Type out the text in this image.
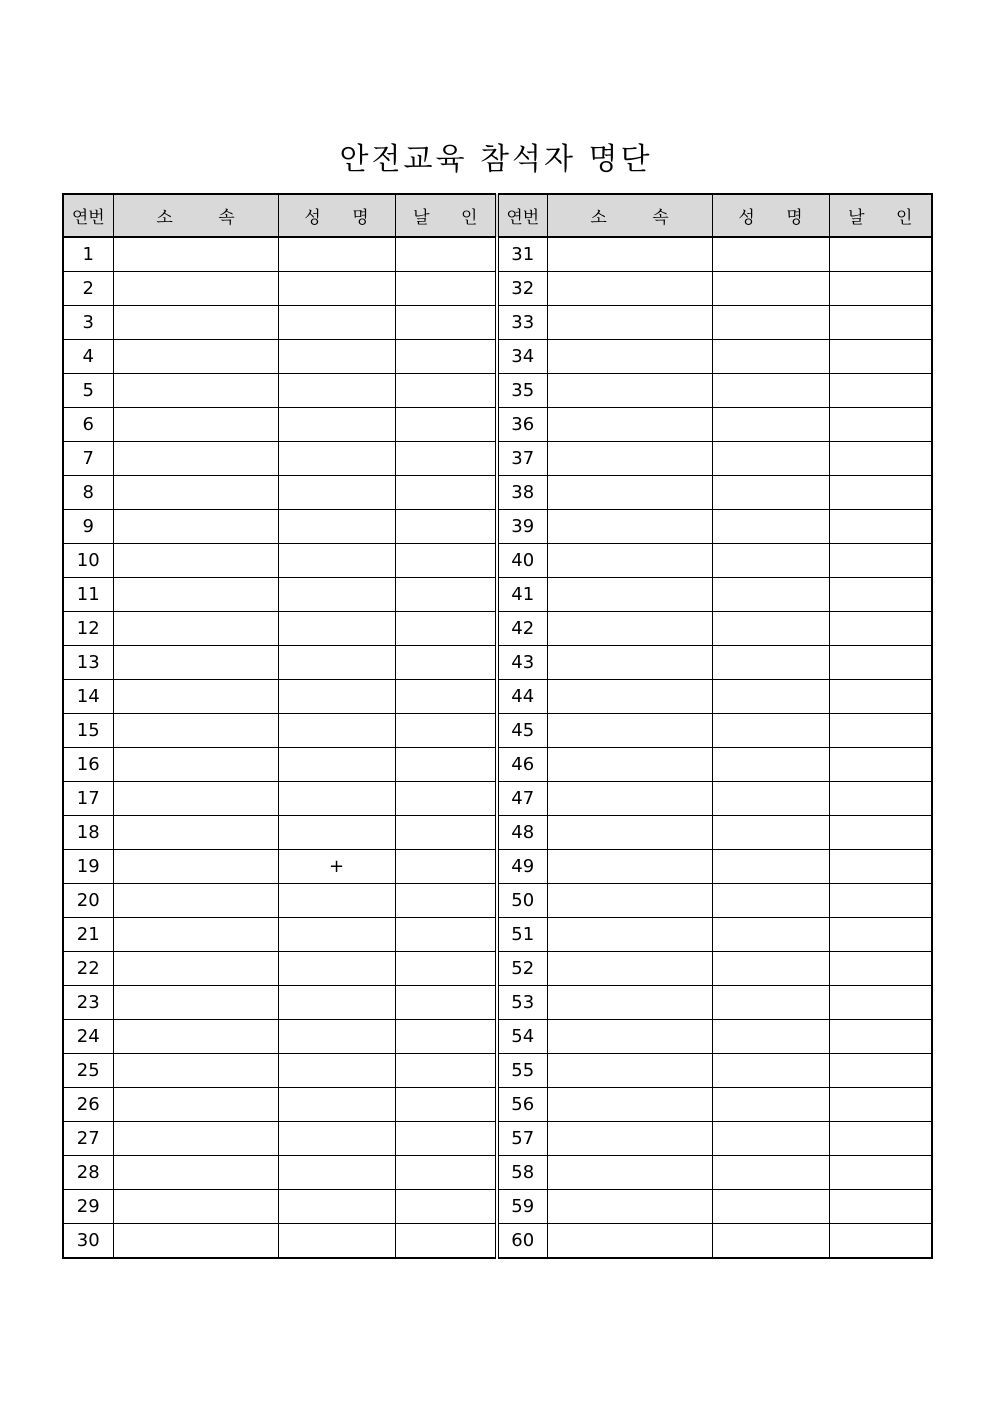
안전교육 참석자 명단
연번	소 속	성 명	날 인	연번	소 속	성 명	날 인
1				31			
2				32			
3				33			
4				34			
5				35			
6				36			
7				37			
8				38			
9				39			
10				40			
11				41			
12				42			
13				43			
14				44			
15				45			
16				46			
17				47			
18				48			
19		+		49			
20				50			
21				51			
22				52			
23				53			
24				54			
25				55			
26				56			
27				57			
28				58			
29				59			
30				60			
